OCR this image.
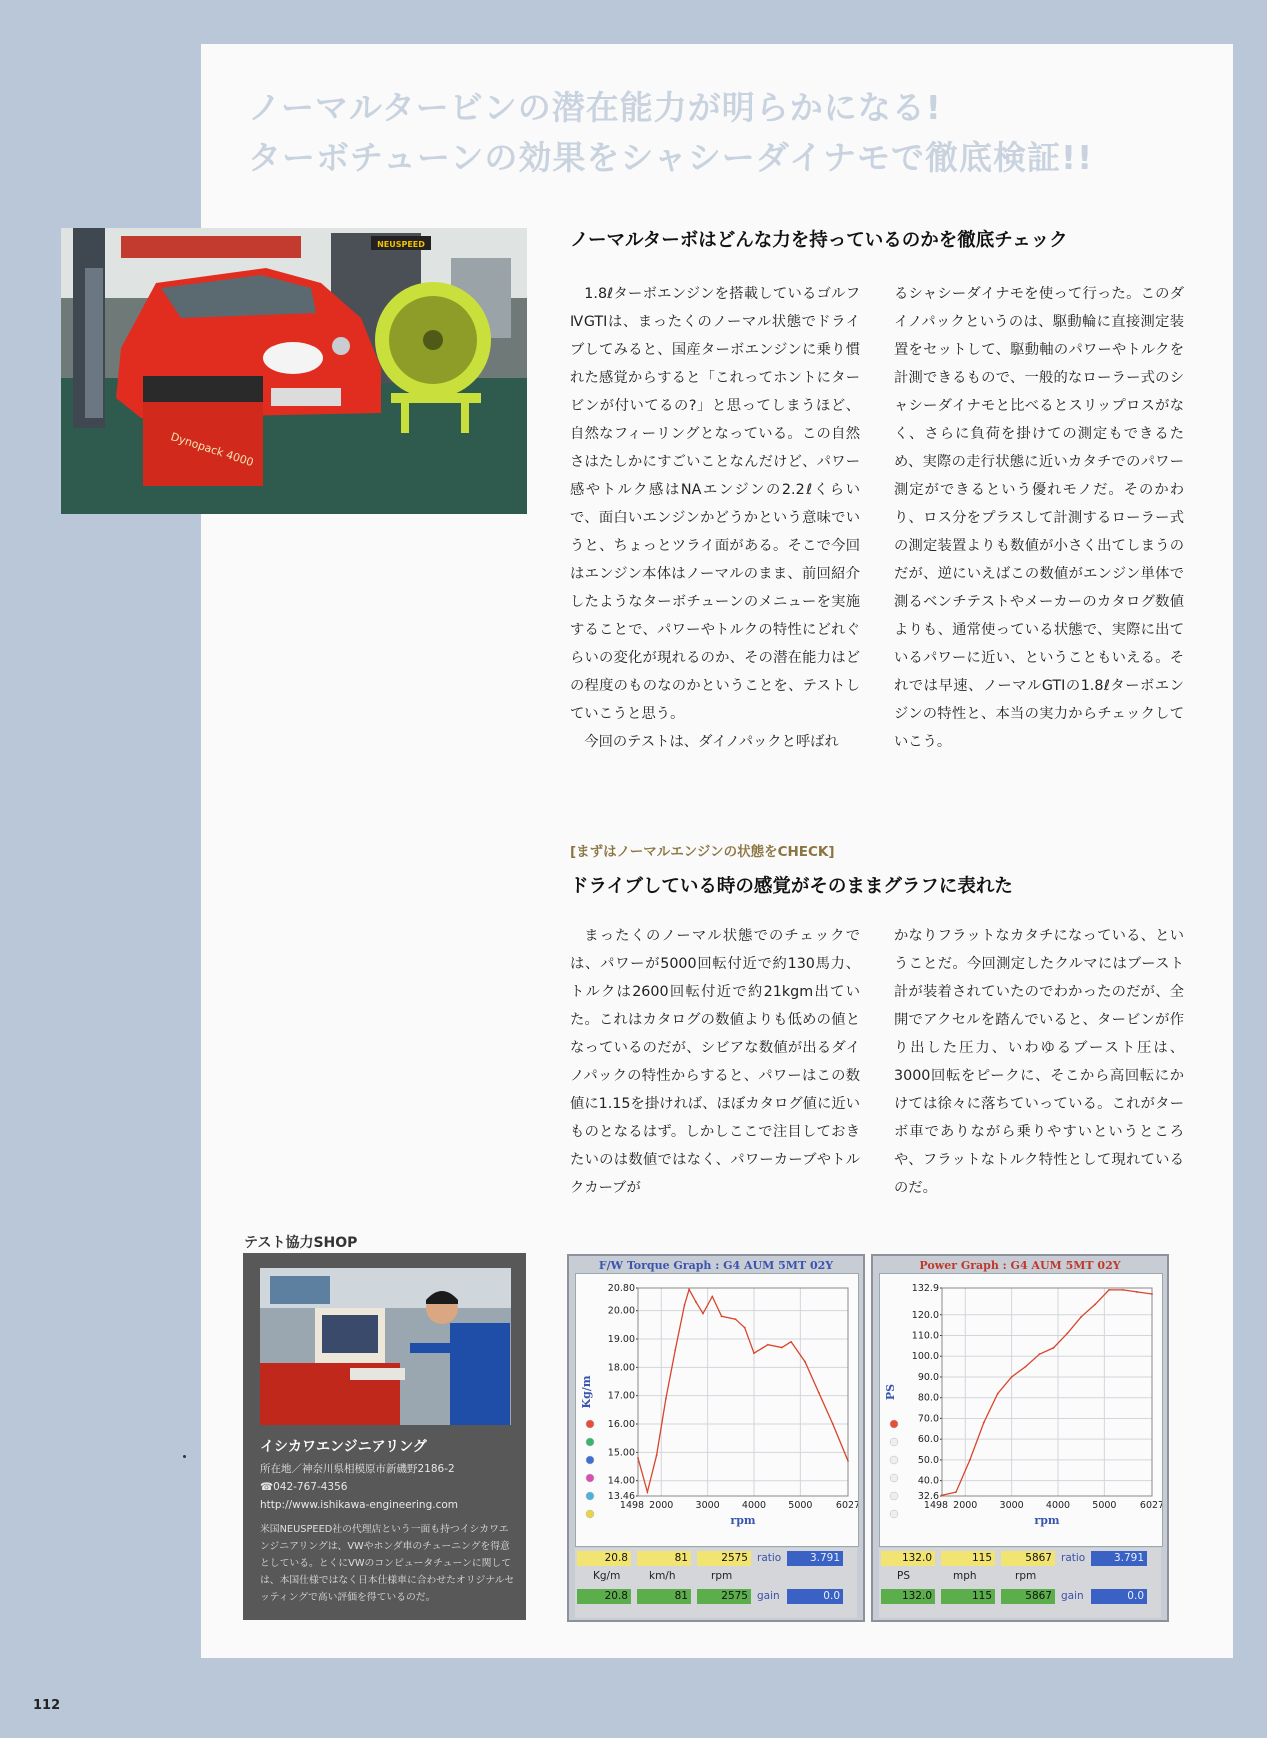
ノーマルタービンの潜在能力が明らかになる!
ターボチューンの効果をシャシーダイナモで徹底検証!!
NEUSPEED
Dynopack 4000
ノーマルターボはどんな力を持っているのかを徹底チェック

1.8ℓターボエンジンを搭載しているゴルフⅣGTIは、まったくのノーマル状態でドライブしてみると、国産ターボエンジンに乗り慣れた感覚からすると「これってホントにタービンが付いてるの?」と思ってしまうほど、自然なフィーリングとなっている。この自然さはたしかにすごいことなんだけど、パワー感やトルク感はNAエンジンの2.2ℓくらいで、面白いエンジンかどうかという意味でいうと、ちょっとツライ面がある。そこで今回はエンジン本体はノーマルのまま、前回紹介したようなターボチューンのメニューを実施することで、パワーやトルクの特性にどれぐらいの変化が現れるのか、その潜在能力はどの程度のものなのかということを、テストしていこうと思う。

今回のテストは、ダイノパックと呼ばれ

るシャシーダイナモを使って行った。このダイノパックというのは、駆動輪に直接測定装置をセットして、駆動軸のパワーやトルクを計測できるもので、一般的なローラー式のシャシーダイナモと比べるとスリップロスがなく、さらに負荷を掛けての測定もできるため、実際の走行状態に近いカタチでのパワー測定ができるという優れモノだ。そのかわり、ロス分をプラスして計測するローラー式の測定装置よりも数値が小さく出てしまうのだが、逆にいえばこの数値がエンジン単体で測るベンチテストやメーカーのカタログ数値よりも、通常使っている状態で、実際に出ているパワーに近い、ということもいえる。それでは早速、ノーマルGTIの1.8ℓターボエンジンの特性と、本当の実力からチェックしていこう。

[まずはノーマルエンジンの状態をCHECK]
ドライブしている時の感覚がそのままグラフに表れた

まったくのノーマル状態でのチェックでは、パワーが5000回転付近で約130馬力、トルクは2600回転付近で約21kgm出ていた。これはカタログの数値よりも低めの値となっているのだが、シビアな数値が出るダイノパックの特性からすると、パワーはこの数値に1.15を掛ければ、ほぼカタログ値に近いものとなるはず。しかしここで注目しておきたいのは数値ではなく、パワーカーブやトルクカーブが

かなりフラットなカタチになっている、ということだ。今回測定したクルマにはブースト計が装着されていたのでわかったのだが、全開でアクセルを踏んでいると、タービンが作り出した圧力、いわゆるブースト圧は、3000回転をピークに、そこから高回転にかけては徐々に落ちていっている。これがターボ車でありながら乗りやすいというところや、フラットなトルク特性として現れているのだ。

テスト協力SHOP
イシカワエンジニアリング
所在地／神奈川県相模原市新磯野2186-2
☎042-767-4356
http://www.ishikawa-engineering.com
米国NEUSPEED社の代理店という一面も持つイシカワエンジニアリングは、VWやホンダ車のチューニングを得意としている。とくにVWのコンピュータチューンに関しては、本国仕様ではなく日本仕様車に合わせたオリジナルセッティングで高い評価を得ているのだ。
F/W Torque Graph : G4 AUM 5MT 02Y
20.80
20.00
19.00
18.00
17.00
16.00
15.00
14.00
13.46
1498 2000 3000 4000 5000 6027
rpm
Kg/m
20.8	81	2575 ratio	3.791
Kg/m	km/h	rpm
20.8	81	2575 gain	0.0
Power Graph : G4 AUM 5MT 02Y
132.9
120.0
110.0
100.0
90.0
80.0
70.0
60.0
50.0
40.0
32.6
1498 2000 3000 4000 5000 6027
rpm
PS
132.0	115	5867 ratio	3.791
PS	mph	rpm
132.0	115	5867 gain	0.0
112
